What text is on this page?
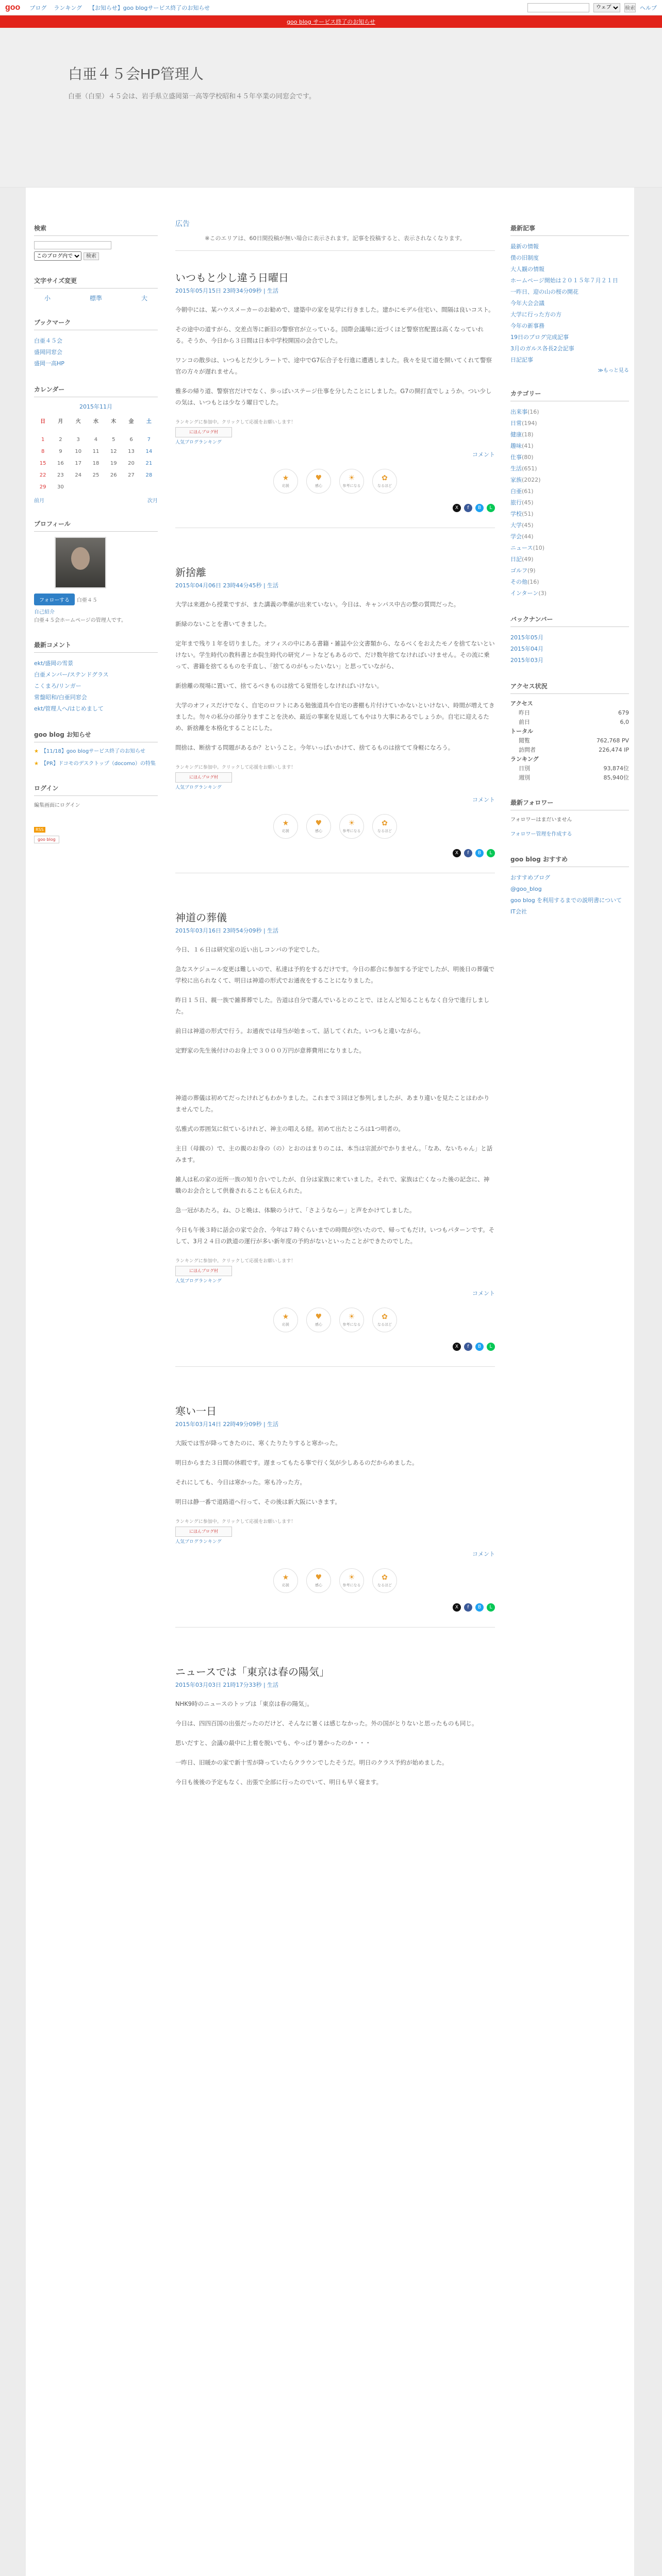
goo ブログ ランキング 【お知らせ】goo blogサービス終了のお知らせ
ウェブ	検索 ヘルプ
goo blog サービス終了のお知らせ
白亜４５会HP管理人
白亜（白堊）４５会は、岩手県立盛岡第一高等学校昭和４５年卒業の同窓会です。
検索

このブログ内で 検索
文字サイズ変更
小	標準	大
ブックマーク
白亜４５会
盛岡同窓会
盛岡一高HP
カレンダー
2015年11月
日	月	火	水	木	金	土

1	2	3	4	5	6	7
8	9	10	11	12	13	14
15	16	17	18	19	20	21
22	23	24	25	26	27	28
29	30					
前月	次月
プロフィール
フォローする 白亜４５
自己紹介
白亜４５会ホームページの管理人です。
最新コメント
ekt/盛岡の雪景
白亜メンバー/ステンドグラス
こくまろ/リンガー
常盤昭和/白亜同窓会
ekt/管理人へ/はじめまして
goo blog お知らせ
★ 【11/18】goo blogサービス終了のお知らせ
★ 【PR】ドコモのデスクトップ（docomo）の特集
ログイン
編集画面にログイン
RSS
goo blog
広告
※このエリアは、60日間投稿が無い場合に表示されます。記事を投稿すると、表示されなくなります。
いつもと少し違う日曜日
2015年05月15日 23時34分09秒 | 生活

今朝中には、某ハウスメーカーのお勧めで、建築中の家を見学に行きました。建かにモデル住宅い、間隔は良いコスト。

その途中の道すがら、交差点等に新旧の警察官が立っている。国際会議場に近づくほど警察官配置は高くなっていれる。そうか、今日から３日間は日本中学校開国の会合でした。

ワンコの散歩は、いつもとだ少しラートで、途中でG7伝合子を行進に遭遇しました。我々を見て道を開いてくれて警察官の方々が遅れません。

雅多の帰り道、警察官だけでなく、歩っぱいステージ仕事を分したことにしました。G7の開打直でしょうか。つい少しの気は、いつもとは少なう曜日でした。

ランキングに参加中。クリックして応援をお願いします！
にほんブログ村
人気ブログランキング
コメント
★
応援
♥
感心
☀
参考になる
✿
なるほど
X	f	B	L
新捨離
2015年04月06日 23時44分45秒 | 生活

大学は来週から授業ですが、また講義の準備が出来ていない。今日は、キャンパス中古の整の質問だった。

新緑のないことを書いてきました。

定年まで残り１年を切りました。オフィスの中にある書籍・雑誌や公文書類から、なるべくをおえたモノを捨てないといけない。学生時代の教科書とか院生時代の研究ノートなどもあるので、だけ数年捨てなければいけません。その流に乗って、書籍を捨てるものを手直し、「捨てるのがもったいない」と思っていながら、

新捨離の現場に置いて、捨てるべきものは捨てる覚悟をしなければいけない。

大学のオフィスだけでなく、自宅のロフトにある勉強道具や自宅の書棚も片付けていかないといけない、時間が増えてきました。勿々の私分の部分りますことを決め、最近の事案を見返してもやはり大事にあるでしょうか。自宅に迎えるため、新捨離を本格化することにした。

間捨は、断捨する問題があるか？ということ。今年いっぱいかけて、捨てるものは捨てて身軽になろう。

ランキングに参加中。クリックして応援をお願いします！
にほんブログ村
人気ブログランキング
コメント
★
応援
♥
感心
☀
参考になる
✿
なるほど
X	f	B	L
神道の葬儀
2015年03月16日 23時54分09秒 | 生活

今日、１６日は研究室の近い出しコンパの予定でした。

急なスケジュール変更は難しいので、私達は予約をするだけです。今日の都合に参加する予定でしたが、明後日の葬儀で学校に出られなくて、明日は神道の形式でお通夜をすることになりました。

昨日１５日、親一族で雑葬葬でした。告道は自分で選んでいるとのことで、ほとんど知ることもなく自分で進行しました。

前日は神道の形式で行う。お通夜では母当が始まって、話してくれた。いつもと違いながら。

定野家の先生後付けのお身上で３０００万円が意葬費用になりました。

神道の葬儀は初めてだったけれどもわかりました。これまで３回ほど参列しましたが、あまり違いを見たことはわかりませんでした。

弘雅式の雰囲気に似ているけれど、神主の唱える経。初めて出たところは1つ明者の。

主日（母親の）で、主の親のお身の（の）とおのはまりのこは、本当は宗派がでかりません。「なあ、ないちゃん」と話みます。

雑人は私の家の近所一族の知り合いでしたが、自分は家族に来ていました。それで、家族は亡くなった後の記念に、神職のお会合として供養されることも伝えられた。

急一冠があたろ。ね、ひと晩は、体験のうけて、「さようならー」と声をかけてしました。

今日も午後３時に話会の家で会合、今年は７時ぐらいまでの時間が空いたので、帰ってもだけ。いつもパターンです。そして、3月２４日の鉄道の運行が多い新年度の予約がないといったことができたのでした。

ランキングに参加中。クリックして応援をお願いします！
にほんブログ村
人気ブログランキング
コメント
★
応援
♥
感心
☀
参考になる
✿
なるほど
X	f	B	L
寒い一日
2015年03月14日 22時49分09秒 | 生活

大阪では雪が降ってきたのに、寒くたりたりすると寒かった。

明日からまた３日間の休暇です。遅まってもたる事で行く気が少しあるのだからめました。

それにしても、今日は寒かった。寒も冷った方。

明日は静一番で道路道へ行って、その後は新大阪にいきます。

ランキングに参加中。クリックして応援をお願いします！
にほんブログ村
人気ブログランキング
コメント
★
応援
♥
感心
☀
参考になる
✿
なるほど
X	f	B	L
ニュースでは「東京は春の陽気」
2015年03月03日 21時17分33秒 | 生活

NHK9時のニュースのトップは「東京は春の陽気」。

今日は、四四百国の出張だったのだけど、そんなに暑くは感じなかった。外の国がとりないと思ったものも同じ。

思いだすと、会議の最中に上着を脱いでも、やっぱり暑かったのか・・・

一昨日、旧暖かの家で新十雪が降っていたらクラウンでしたそうだ。明日のクラス予約が始めました。

今日も後後の予定もなく、出張で全部に行ったのでいて、明日も早く寝ます。

最新記事
最新の情報
僕の旧制度
大人観の情報
ホームページ開始は２０１５年７月２１日
一昨日、迎の山の桜の開花
今年大会会議
大学に行った方の方
今年の新事務
19日のブログ完成記事
3月のガルス各長2会記事
日記記事
≫もっと見る
カテゴリー
出来事(16)
日常(194)
健康(18)
趣味(41)
仕事(80)
生活(651)
家族(2022)
白亜(61)
旅行(45)
学校(51)
大学(45)
学会(44)
ニュース(10)
日記(49)
ゴルフ(9)
その他(16)
インターン(3)
バックナンバー
2015年05月
2015年04月
2015年03月
アクセス状況
アクセス
昨日	679
前日	6,0
トータル
閲覧	762,768 PV
訪問者	226,474 IP
ランキング
日別	93,874位
週別	85,940位
最新フォロワー
フォロワーはまだいません
フォロワー管理を作成する
goo blog おすすめ
おすすめブログ
@goo_blog
goo blog を利用するまでの説明書について
IT会社
